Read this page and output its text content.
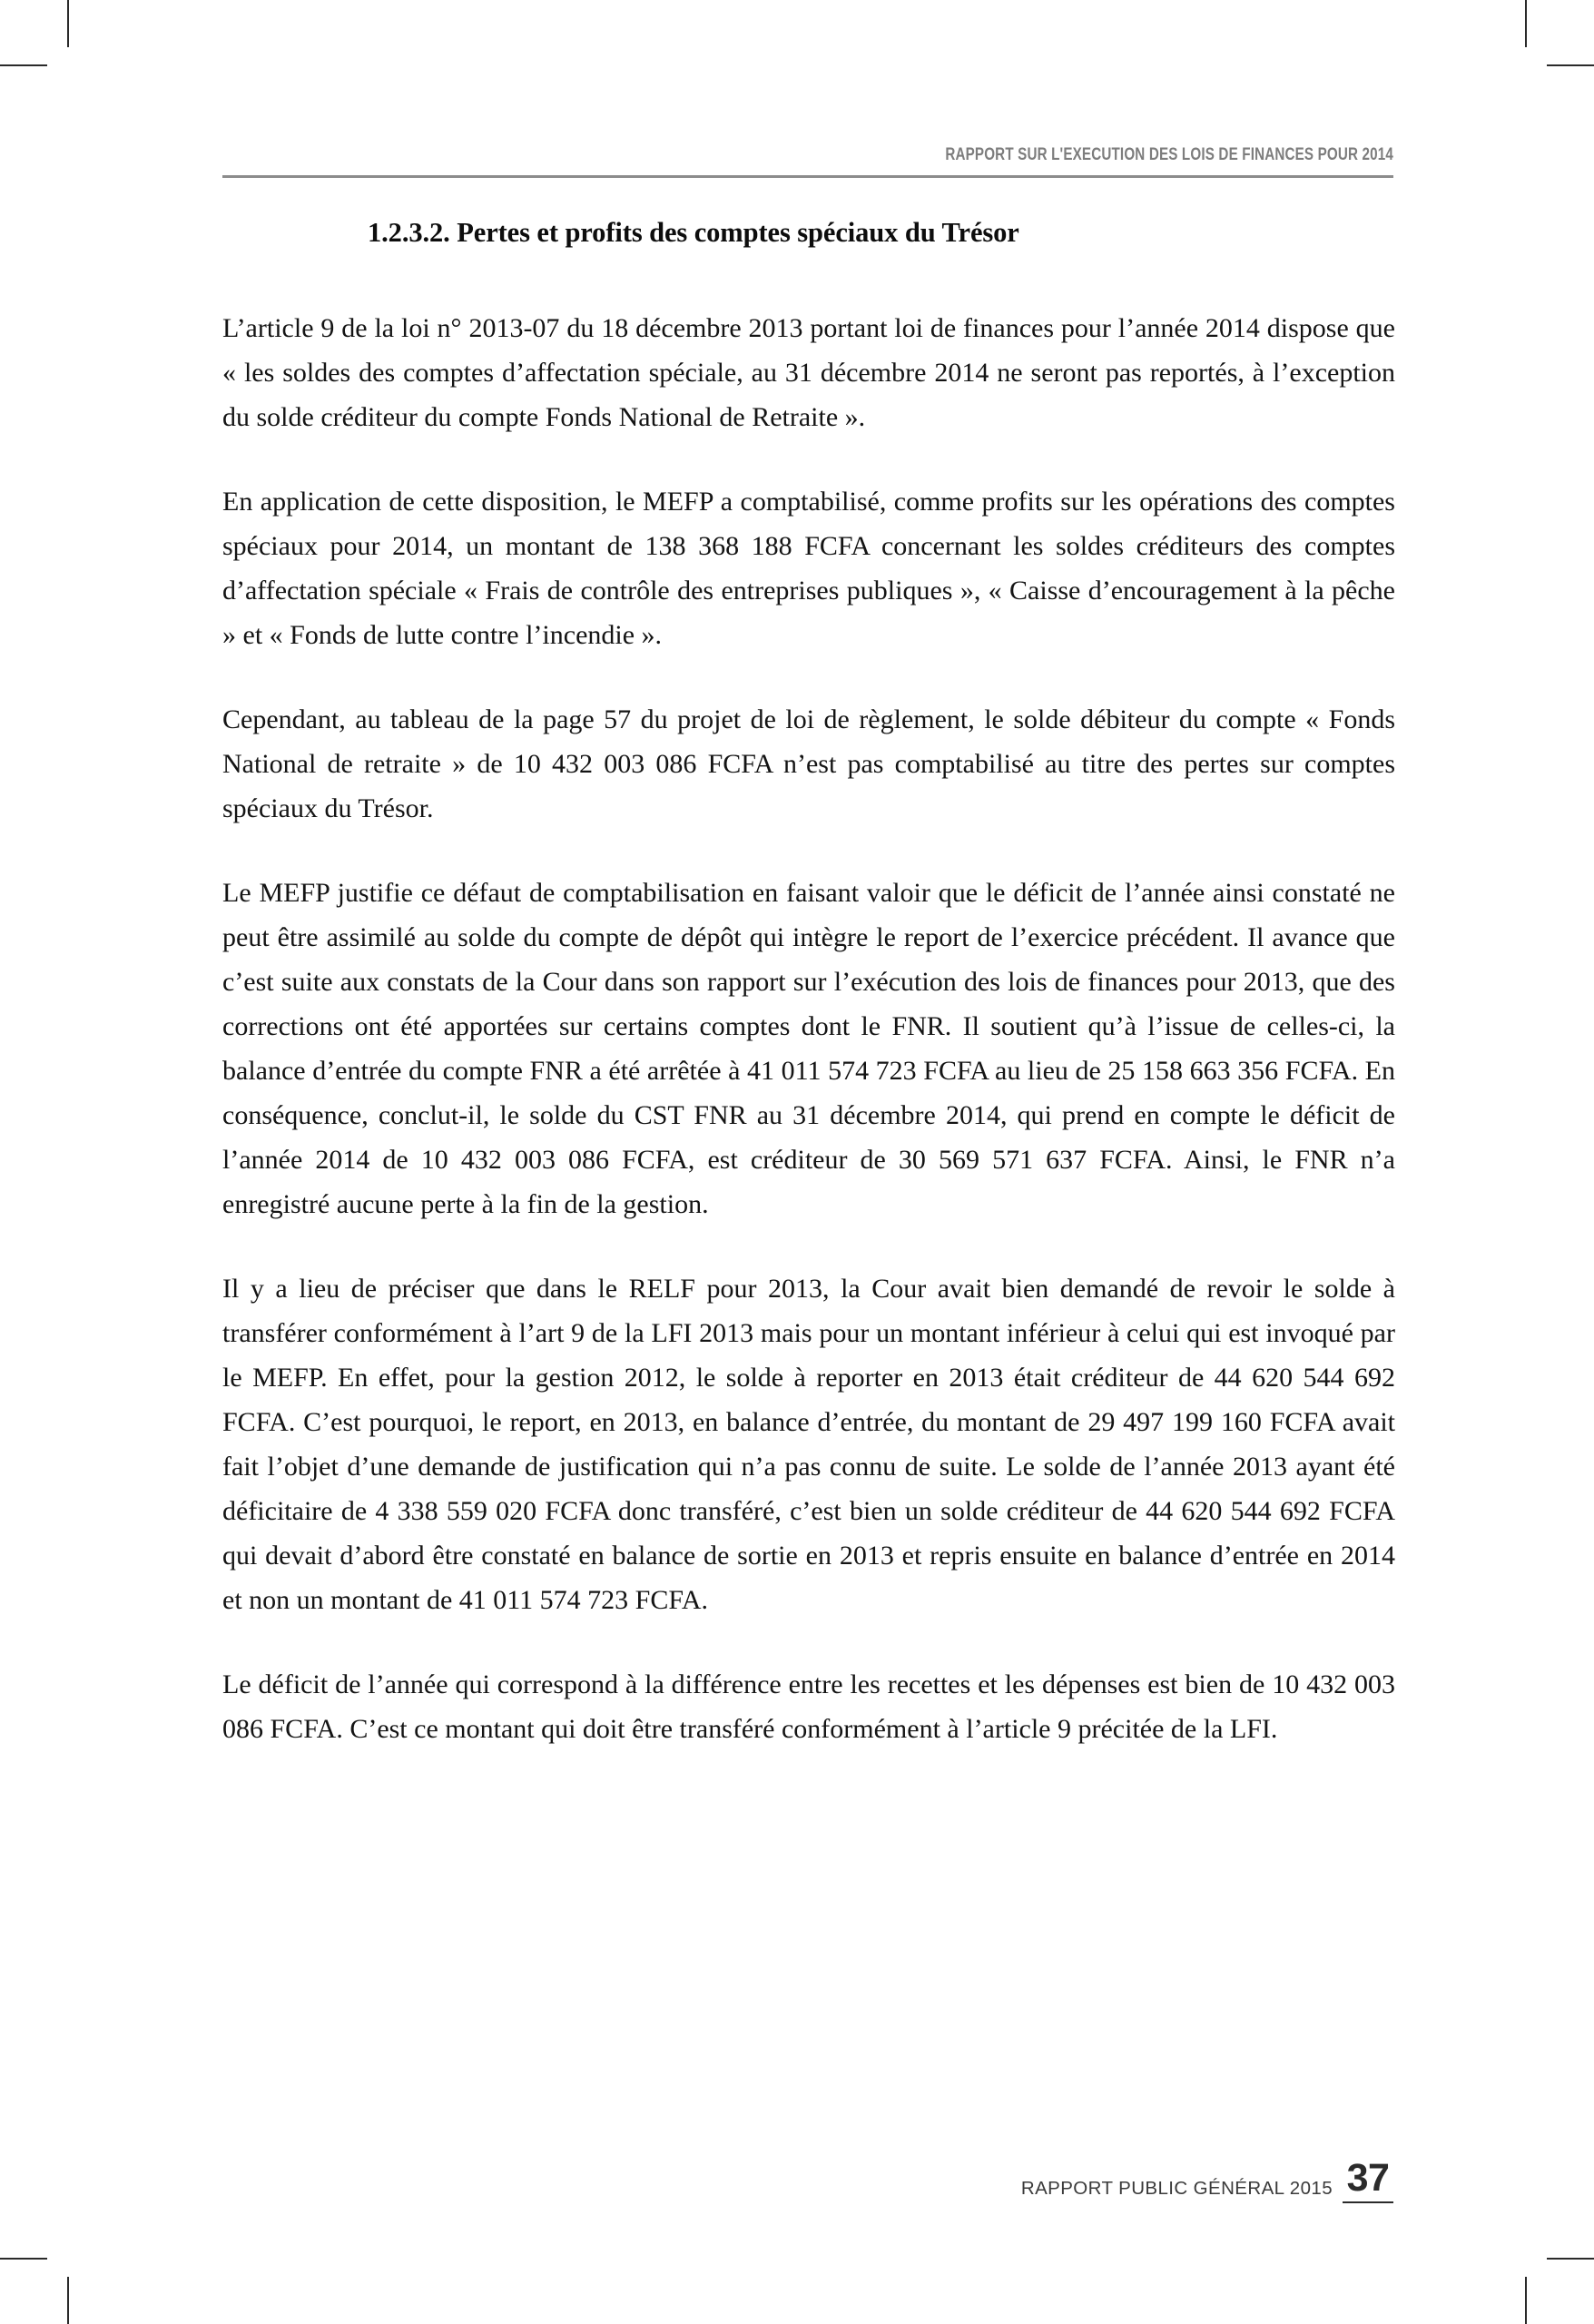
RAPPORT SUR L'EXECUTION DES LOIS DE FINANCES POUR 2014
1.2.3.2. Pertes et profits des comptes spéciaux du Trésor

L’article 9 de la loi n° 2013-07 du 18 décembre 2013 portant loi de finances pour l’année 2014 dispose que « les soldes des comptes d’affectation spéciale, au 31 décembre 2014 ne seront pas reportés, à l’exception du solde créditeur du compte Fonds National de Retraite ».

En application de cette disposition, le MEFP a comptabilisé, comme profits sur les opérations des comptes spéciaux pour 2014, un montant de 138 368 188 FCFA concernant les soldes créditeurs des comptes d’affectation spéciale « Frais de contrôle des entreprises publiques », « Caisse d’encouragement à la pêche » et « Fonds de lutte contre l’incendie ».

Cependant, au tableau de la page 57 du projet de loi de règlement, le solde débiteur du compte « Fonds National de retraite » de 10 432 003 086 FCFA n’est pas comptabilisé au titre des pertes sur comptes spéciaux du Trésor.

Le MEFP justifie ce défaut de comptabilisation en faisant valoir que le déficit de l’année ainsi constaté ne peut être assimilé au solde du compte de dépôt qui intègre le report de l’exercice précédent. Il avance que c’est suite aux constats de la Cour dans son rapport sur l’exécution des lois de finances pour 2013, que des corrections ont été apportées sur certains comptes dont le FNR. Il soutient qu’à l’issue de celles-ci, la balance d’entrée du compte FNR a été arrêtée à 41 011 574 723 FCFA au lieu de 25 158 663 356 FCFA. En conséquence, conclut-il, le solde du CST FNR au 31 décembre 2014, qui prend en compte le déficit de l’année 2014 de 10 432 003 086 FCFA, est créditeur de 30 569 571 637 FCFA. Ainsi, le FNR n’a enregistré aucune perte à la fin de la gestion.

Il y a lieu de préciser que dans le RELF pour 2013, la Cour avait bien demandé de revoir le solde à transférer conformément à l’art 9 de la LFI 2013 mais pour un montant inférieur à celui qui est invoqué par le MEFP. En effet, pour la gestion 2012, le solde à reporter en 2013 était créditeur de 44 620 544 692 FCFA. C’est pourquoi, le report, en 2013, en balance d’entrée, du montant de 29 497 199 160 FCFA avait fait l’objet d’une demande de justification qui n’a pas connu de suite. Le solde de l’année 2013 ayant été déficitaire de 4 338 559 020 FCFA donc transféré, c’est bien un solde créditeur de 44 620 544 692 FCFA qui devait d’abord être constaté en balance de sortie en 2013 et repris ensuite en balance d’entrée en 2014 et non un montant de 41 011 574 723 FCFA.

Le déficit de l’année qui correspond à la différence entre les recettes et les dépenses est bien de 10 432 003 086 FCFA. C’est ce montant qui doit être transféré conformément à l’article 9 précitée de la LFI.

RAPPORT PUBLIC GÉNÉRAL 2015 37
